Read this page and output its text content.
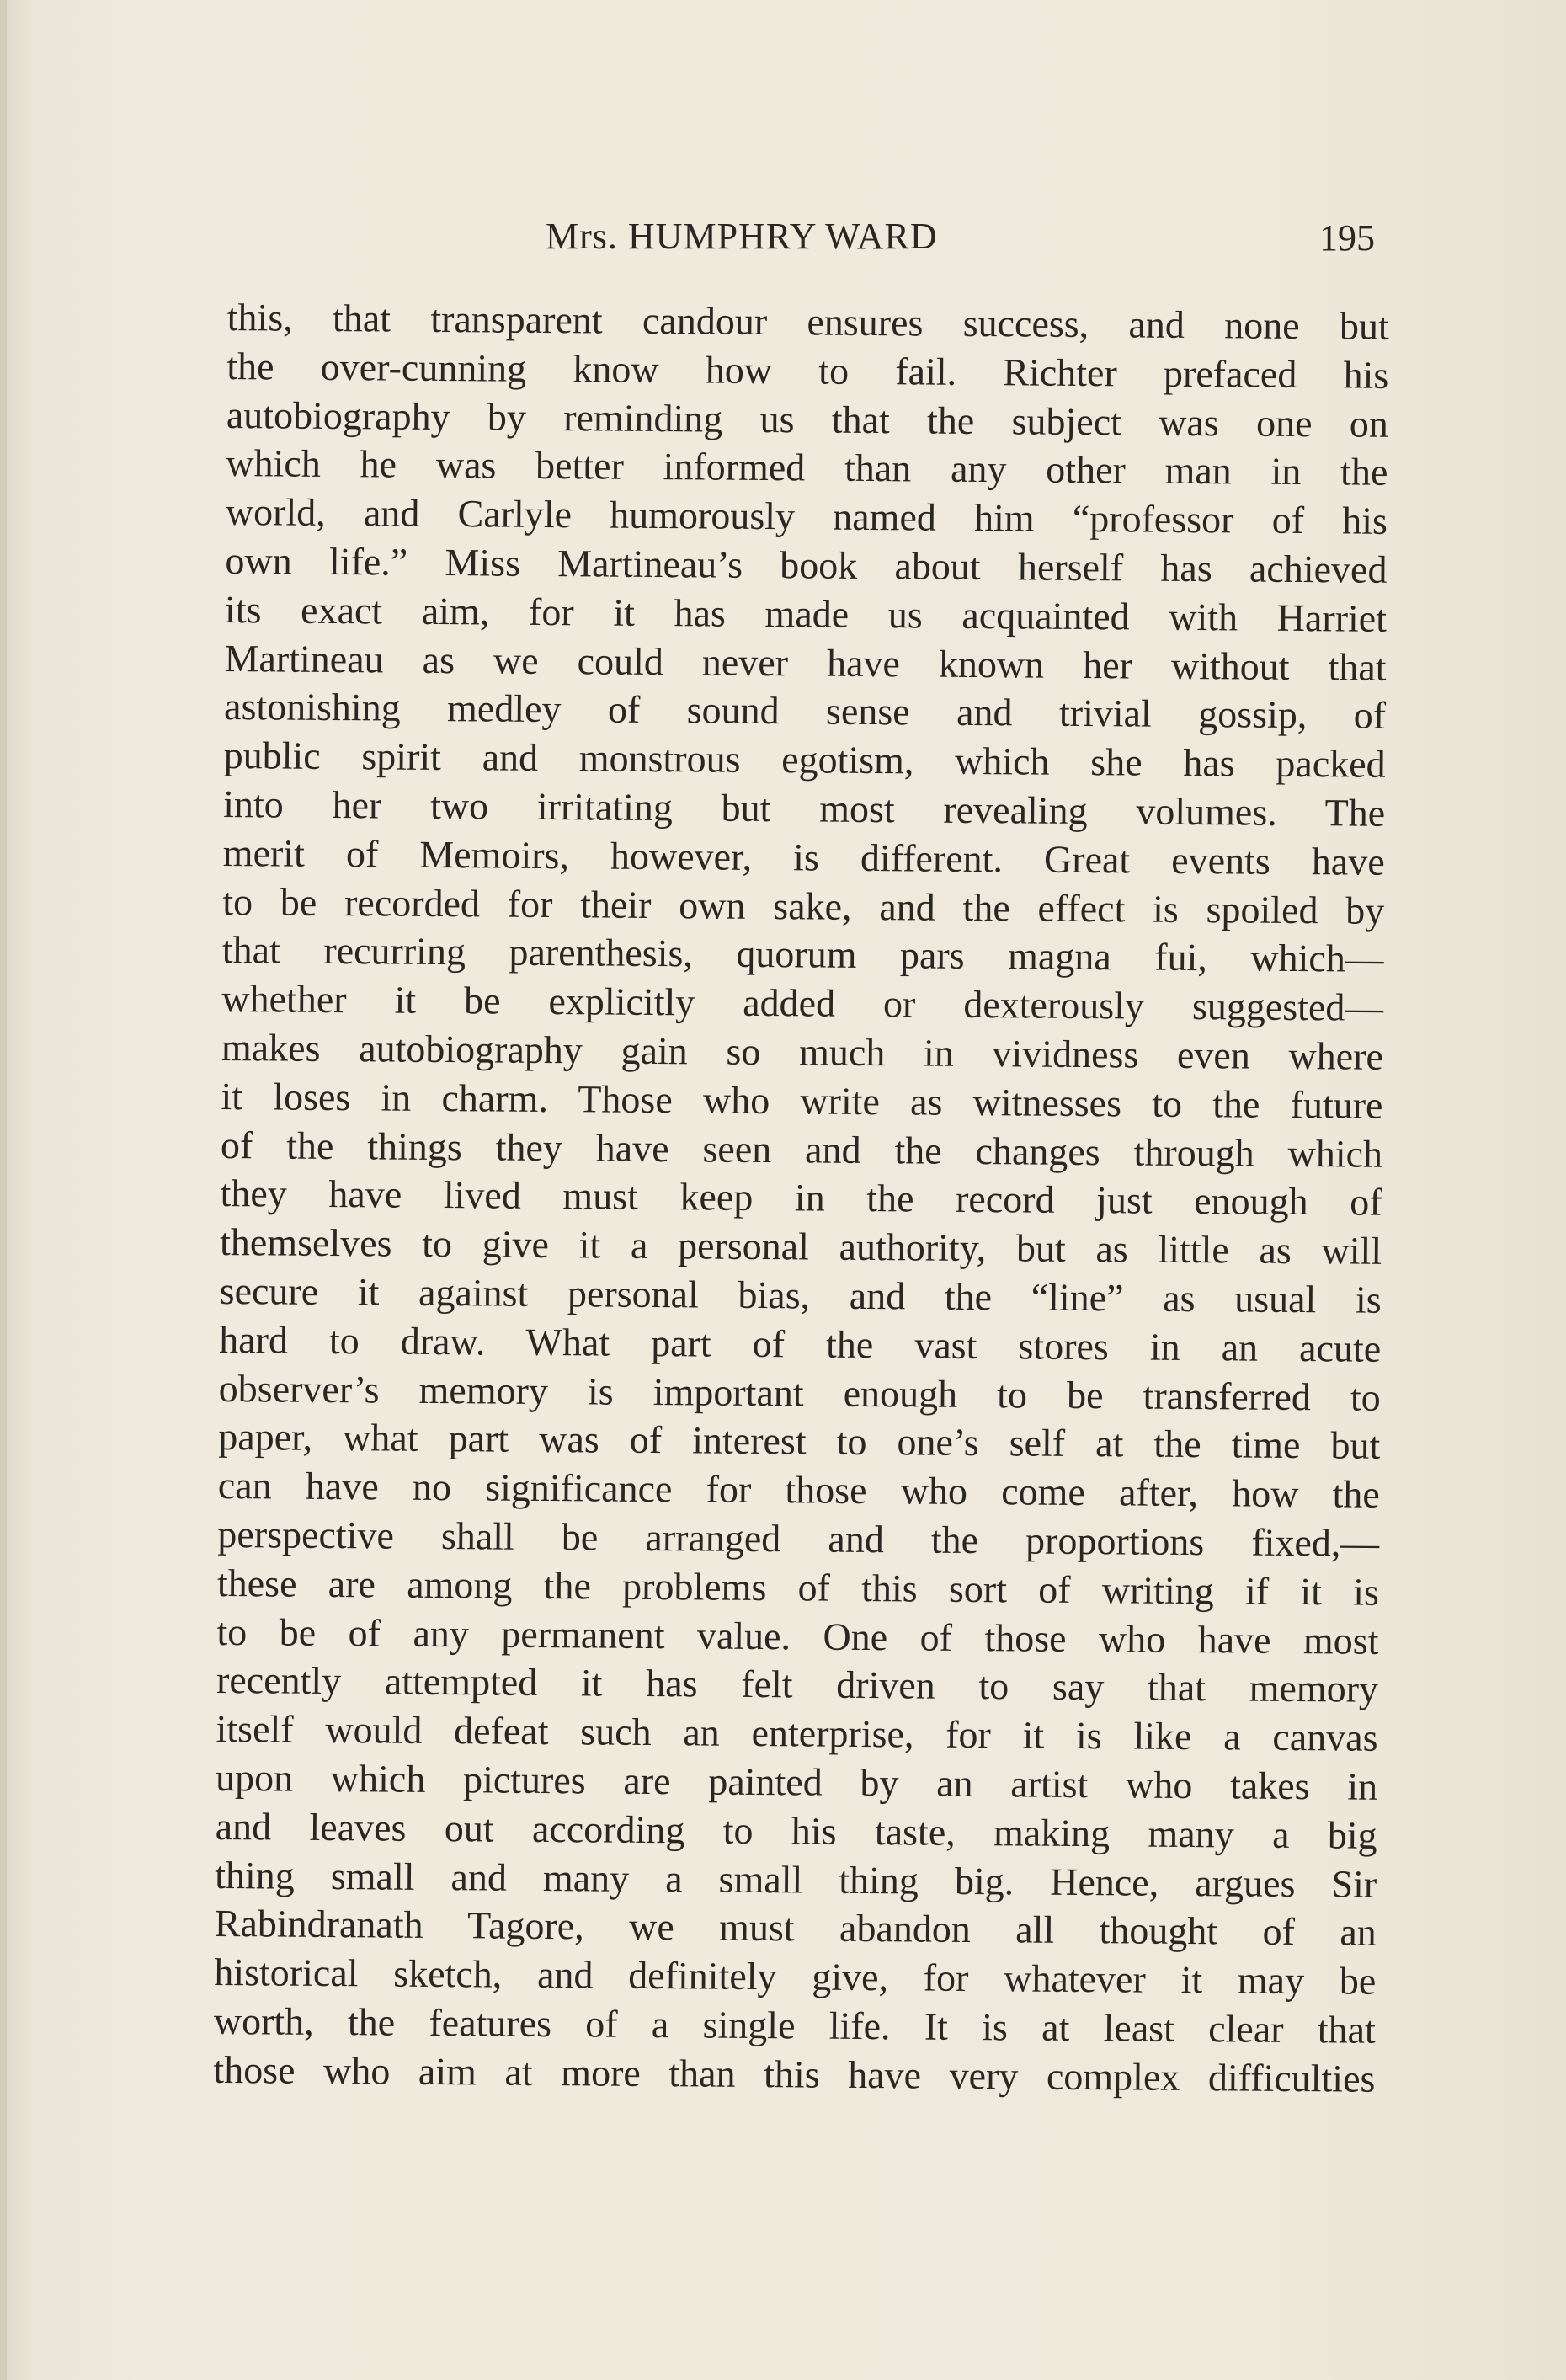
Mrs. HUMPHRY WARD	195
this, that transparent candour ensures success, and none but
the over-cunning know how to fail. Richter prefaced his
autobiography by reminding us that the subject was one on
which he was better informed than any other man in the
world, and Carlyle humorously named him “professor of his
own life.” Miss Martineau’s book about herself has achieved
its exact aim, for it has made us acquainted with Harriet
Martineau as we could never have known her without that
astonishing medley of sound sense and trivial gossip, of
public spirit and monstrous egotism, which she has packed
into her two irritating but most revealing volumes. The
merit of Memoirs, however, is different. Great events have
to be recorded for their own sake, and the effect is spoiled by
that recurring parenthesis, quorum pars magna fui, which—
whether it be explicitly added or dexterously suggested—
makes autobiography gain so much in vividness even where
it loses in charm. Those who write as witnesses to the future
of the things they have seen and the changes through which
they have lived must keep in the record just enough of
themselves to give it a personal authority, but as little as will
secure it against personal bias, and the “line” as usual is
hard to draw. What part of the vast stores in an acute
observer’s memory is important enough to be transferred to
paper, what part was of interest to one’s self at the time but
can have no significance for those who come after, how the
perspective shall be arranged and the proportions fixed,—
these are among the problems of this sort of writing if it is
to be of any permanent value. One of those who have most
recently attempted it has felt driven to say that memory
itself would defeat such an enterprise, for it is like a canvas
upon which pictures are painted by an artist who takes in
and leaves out according to his taste, making many a big
thing small and many a small thing big. Hence, argues Sir
Rabindranath Tagore, we must abandon all thought of an
historical sketch, and definitely give, for whatever it may be
worth, the features of a single life. It is at least clear that
those who aim at more than this have very complex difficulties
